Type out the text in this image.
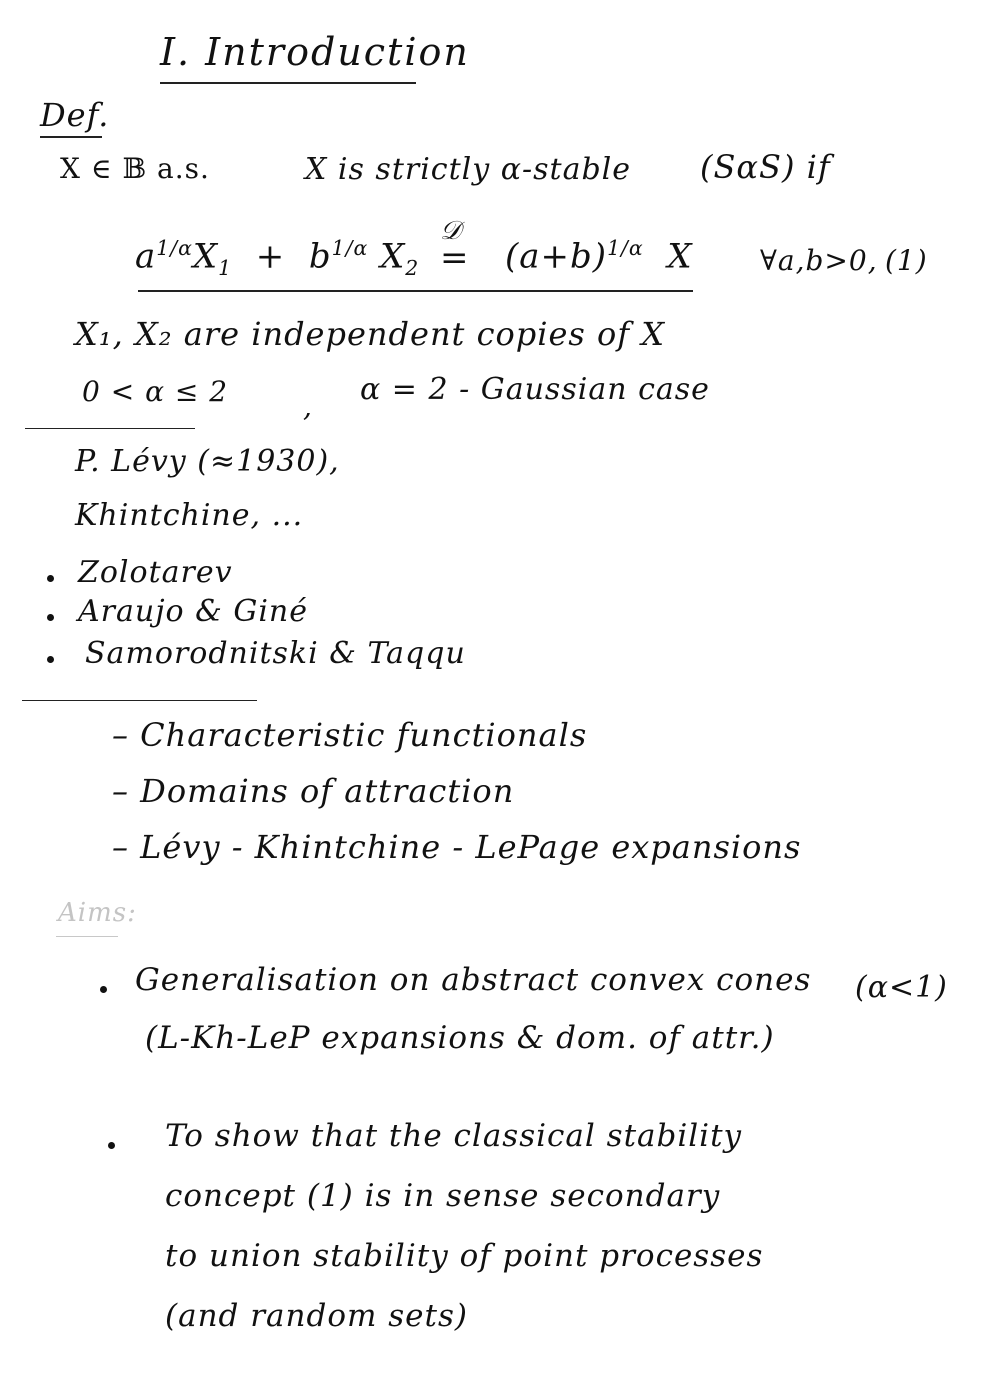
I. Introduction
Def.
X ∈ 𝔹 a.s.	X is strictly α-stable (SαS) if
$a^{1/\alpha}X_1 + b^{1/\alpha}$ $X_2$
𝒟
= $(a+b)^{1/\alpha}$ X ∀a,b>0, (1)
X₁, X₂ are independent copies of X
0 < α ≤ 2	, α = 2 - Gaussian case
P. Lévy (≈1930),
Khintchine, ...
Zolotarev
Araujo & Giné
Samorodnitski & Taqqu
– Characteristic functionals
– Domains of attraction
– Lévy - Khintchine - LePage expansions
Aims:
Generalisation on abstract convex cones (α<1)
(L-Kh-LeP expansions & dom. of attr.)
To show that the classical stability
concept (1) is in sense secondary
to union stability of point processes
(and random sets)
